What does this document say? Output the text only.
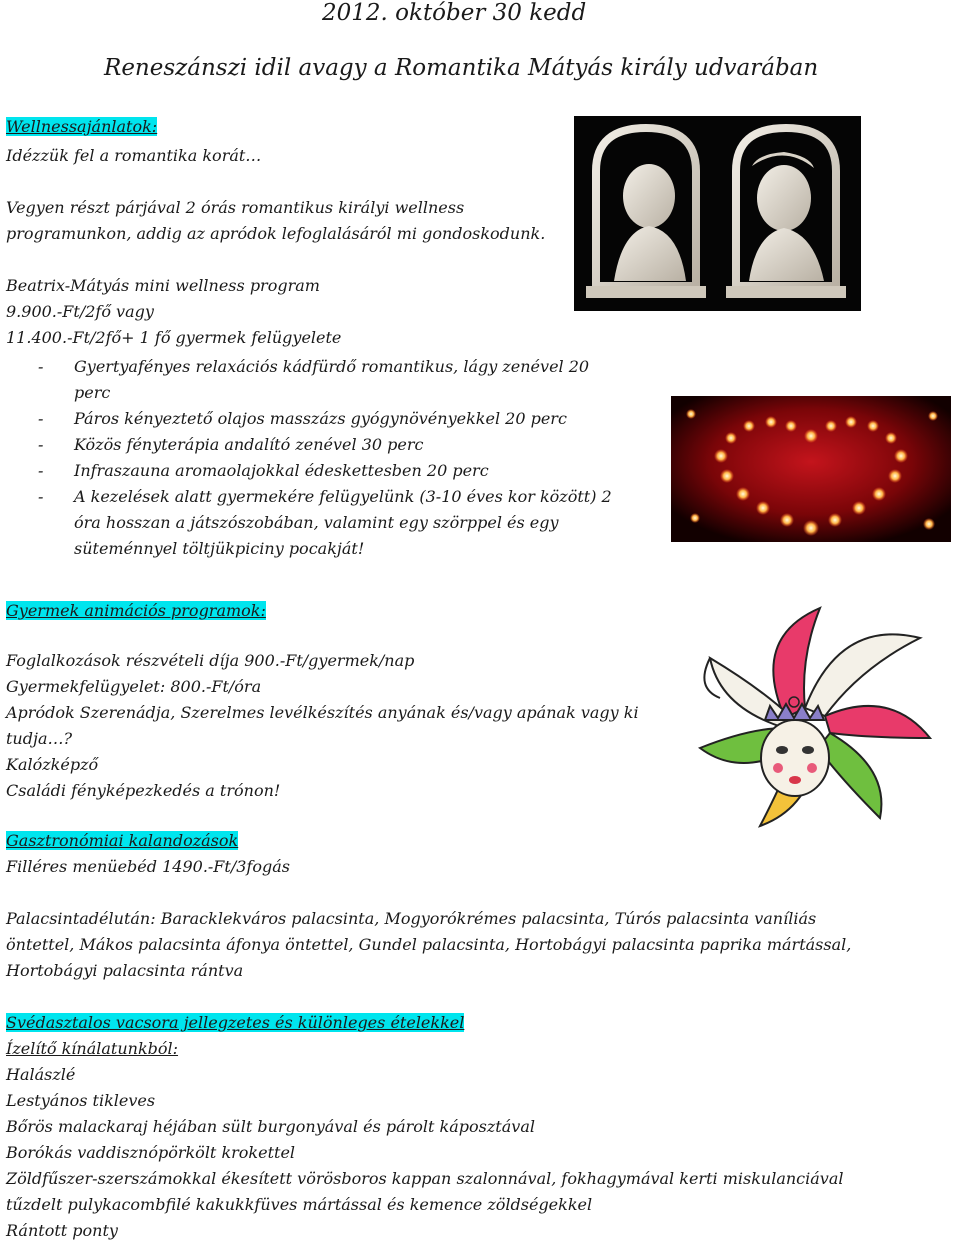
2012. október 30 kedd
Reneszánszi idil avagy a Romantika Mátyás király udvarában
Wellnessajánlatok:
Idézzük fel a romantika korát…
Vegyen részt párjával 2 órás romantikus királyi wellness
programunkon, addig az apródok lefoglalásáról mi gondoskodunk.
Beatrix-Mátyás mini wellness program
9.900.-Ft/2fő vagy
11.400.-Ft/2fő+ 1 fő gyermek felügyelete
- Gyertyafényes relaxációs kádfürdő romantikus, lágy zenével 20 perc
- Páros kényeztető olajos masszázs gyógynövényekkel 20 perc
- Közös fényterápia andalító zenével 30 perc
- Infraszauna aromaolajokkal édeskettesben 20 perc
- A kezelések alatt gyermekére felügyelünk (3-10 éves kor között) 2 óra hosszan a játszószobában, valamint egy szörppel és egy süteménnyel töltjükpiciny pocakját!
Gyermek animációs programok:
Foglalkozások részvételi díja 900.-Ft/gyermek/nap
Gyermekfelügyelet: 800.-Ft/óra
Apródok Szerenádja, Szerelmes levélkészítés anyának és/vagy apának vagy ki
tudja…?
Kalózképző
Családi fényképezkedés a trónon!
Gasztronómiai kalandozások
Filléres menüebéd 1490.-Ft/3fogás
Palacsintadélután: Baracklekváros palacsinta, Mogyorókrémes palacsinta, Túrós palacsinta vaníliás
öntettel, Mákos palacsinta áfonya öntettel, Gundel palacsinta, Hortobágyi palacsinta paprika mártással,
Hortobágyi palacsinta rántva
Svédasztalos vacsora jellegzetes és különleges ételekkel
Ízelítő kínálatunkból:
Halászlé
Lestyános tikleves
Bőrös malackaraj héjában sült burgonyával és párolt káposztával
Borókás vaddisznópörkölt krokettel
Zöldfűszer-szerszámokkal ékesített vörösboros kappan szalonnával, fokhagymával kerti miskulanciával
tűzdelt pulykacombfilé kakukkfüves mártással és kemence zöldségekkel
Rántott ponty
